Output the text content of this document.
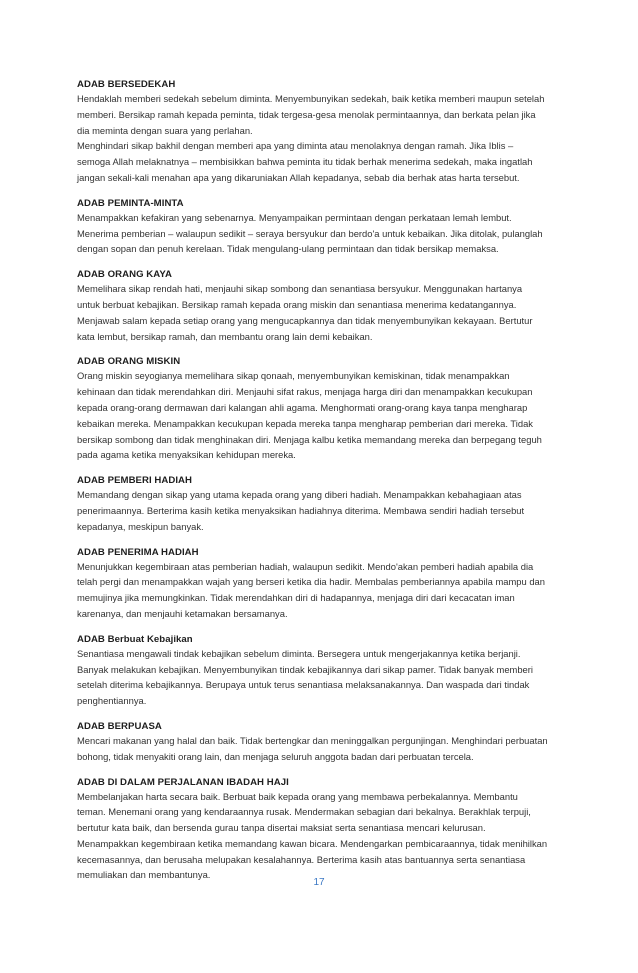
ADAB BERSEDEKAH

Hendaklah memberi sedekah sebelum diminta. Menyembunyikan sedekah, baik ketika memberi maupun setelah

memberi. Bersikap ramah kepada peminta, tidak tergesa-gesa menolak permintaannya, dan berkata pelan jika

dia meminta dengan suara yang perlahan.

Menghindari sikap bakhil dengan memberi apa yang diminta atau menolaknya dengan ramah. Jika Iblis –

semoga Allah melaknatnya – membisikkan bahwa peminta itu tidak berhak menerima sedekah, maka ingatlah

jangan sekali-kali menahan apa yang dikaruniakan Allah kepadanya, sebab dia berhak atas harta tersebut.

ADAB PEMINTA-MINTA

Menampakkan kefakiran yang sebenarnya. Menyampaikan permintaan dengan perkataan lemah lembut.

Menerima pemberian – walaupun sedikit – seraya bersyukur dan berdo'a untuk kebaikan. Jika ditolak, pulanglah

dengan sopan dan penuh kerelaan. Tidak mengulang-ulang permintaan dan tidak bersikap memaksa.

ADAB ORANG KAYA

Memelihara sikap rendah hati, menjauhi sikap sombong dan senantiasa bersyukur. Menggunakan hartanya

untuk berbuat kebajikan. Bersikap ramah kepada orang miskin dan senantiasa menerima kedatangannya.

Menjawab salam kepada setiap orang yang mengucapkannya dan tidak menyembunyikan kekayaan. Bertutur

kata lembut, bersikap ramah, dan membantu orang lain demi kebaikan.

ADAB ORANG MISKIN

Orang miskin seyogianya memelihara sikap qonaah, menyembunyikan kemiskinan, tidak menampakkan

kehinaan dan tidak merendahkan diri. Menjauhi sifat rakus, menjaga harga diri dan menampakkan kecukupan

kepada orang-orang dermawan dari kalangan ahli agama. Menghormati orang-orang kaya tanpa mengharap

kebaikan mereka. Menampakkan kecukupan kepada mereka tanpa mengharap pemberian dari mereka. Tidak

bersikap sombong dan tidak menghinakan diri. Menjaga kalbu ketika memandang mereka dan berpegang teguh

pada agama ketika menyaksikan kehidupan mereka.

ADAB PEMBERI HADIAH

Memandang dengan sikap yang utama kepada orang yang diberi hadiah. Menampakkan kebahagiaan atas

penerimaannya. Berterima kasih ketika menyaksikan hadiahnya diterima. Membawa sendiri hadiah tersebut

kepadanya, meskipun banyak.

ADAB PENERIMA HADIAH

Menunjukkan kegembiraan atas pemberian hadiah, walaupun sedikit. Mendo'akan pemberi hadiah apabila dia

telah pergi dan menampakkan wajah yang berseri ketika dia hadir. Membalas pemberiannya apabila mampu dan

memujinya jika memungkinkan. Tidak merendahkan diri di hadapannya, menjaga diri dari kecacatan iman

karenanya, dan menjauhi ketamakan bersamanya.

ADAB Berbuat Kebajikan

Senantiasa mengawali tindak kebajikan sebelum diminta. Bersegera untuk mengerjakannya ketika berjanji.

Banyak melakukan kebajikan. Menyembunyikan tindak kebajikannya dari sikap pamer. Tidak banyak memberi

setelah diterima kebajikannya. Berupaya untuk terus senantiasa melaksanakannya. Dan waspada dari tindak

penghentiannya.

ADAB BERPUASA

Mencari makanan yang halal dan baik. Tidak bertengkar dan meninggalkan pergunjingan. Menghindari perbuatan

bohong, tidak menyakiti orang lain, dan menjaga seluruh anggota badan dari perbuatan tercela.

ADAB DI DALAM PERJALANAN IBADAH HAJI

Membelanjakan harta secara baik. Berbuat baik kepada orang yang membawa perbekalannya. Membantu

teman. Menemani orang yang kendaraannya rusak. Mendermakan sebagian dari bekalnya. Berakhlak terpuji,

bertutur kata baik, dan bersenda gurau tanpa disertai maksiat serta senantiasa mencari kelurusan.

Menampakkan kegembiraan ketika memandang kawan bicara. Mendengarkan pembicaraannya, tidak menihilkan

kecemasannya, dan berusaha melupakan kesalahannya. Berterima kasih atas bantuannya serta senantiasa

memuliakan dan membantunya.

17
